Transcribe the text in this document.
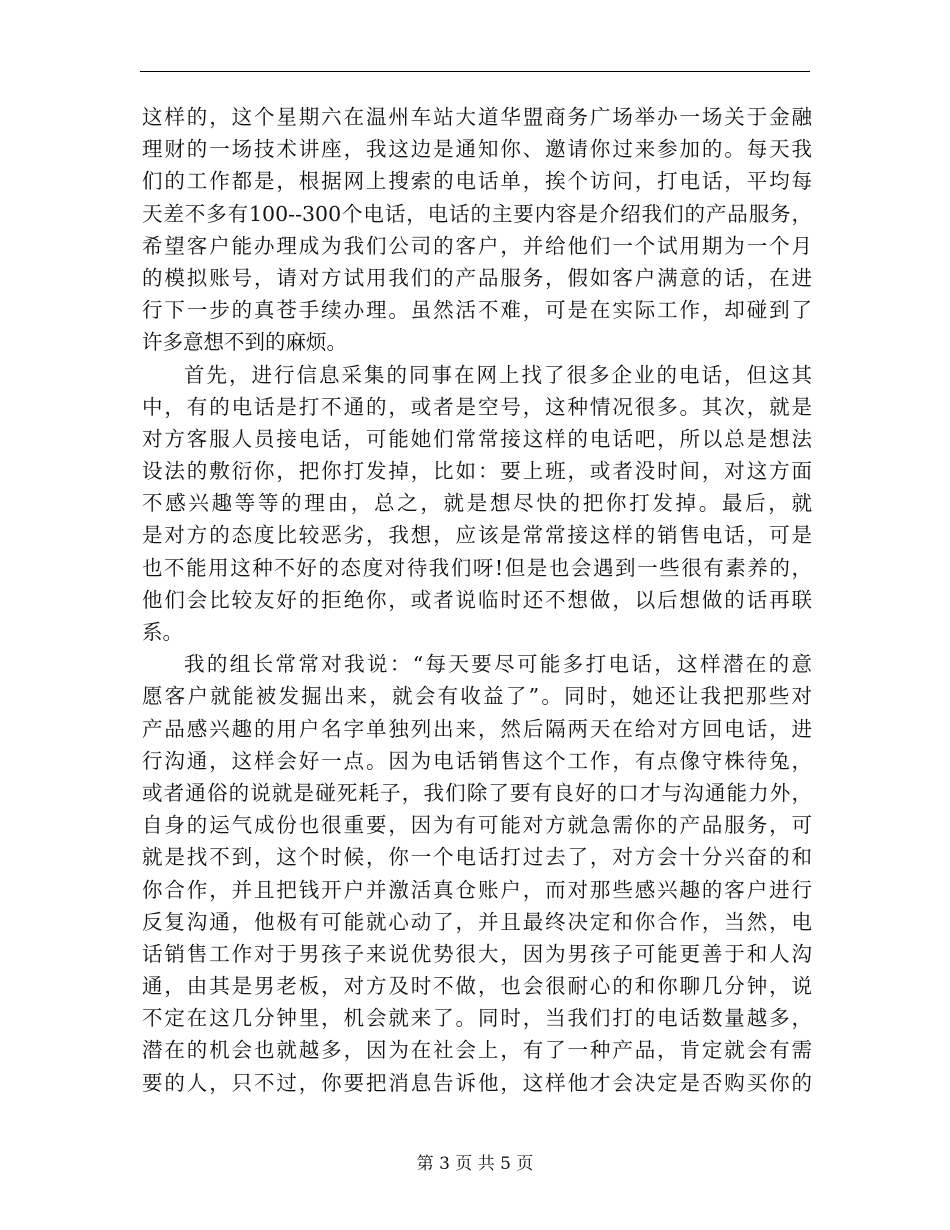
这样的，这个星期六在温州车站大道华盟商务广场举办一场关于金融
理财的一场技术讲座，我这边是通知你、邀请你过来参加的。每天我
们的工作都是，根据网上搜索的电话单，挨个访问，打电话，平均每
天差不多有100--300个电话，电话的主要内容是介绍我们的产品服务，
希望客户能办理成为我们公司的客户，并给他们一个试用期为一个月
的模拟账号，请对方试用我们的产品服务，假如客户满意的话，在进
行下一步的真苍手续办理。虽然活不难，可是在实际工作，却碰到了
许多意想不到的麻烦。
首先，进行信息采集的同事在网上找了很多企业的电话，但这其
中，有的电话是打不通的，或者是空号，这种情况很多。其次，就是
对方客服人员接电话，可能她们常常接这样的电话吧，所以总是想法
设法的敷衍你，把你打发掉，比如：要上班，或者没时间，对这方面
不感兴趣等等的理由，总之，就是想尽快的把你打发掉。最后，就
是对方的态度比较恶劣，我想，应该是常常接这样的销售电话，可是
也不能用这种不好的态度对待我们呀!但是也会遇到一些很有素养的，
他们会比较友好的拒绝你，或者说临时还不想做，以后想做的话再联
系。
我的组长常常对我说：“每天要尽可能多打电话，这样潜在的意
愿客户就能被发掘出来，就会有收益了”。同时，她还让我把那些对
产品感兴趣的用户名字单独列出来，然后隔两天在给对方回电话，进
行沟通，这样会好一点。因为电话销售这个工作，有点像守株待兔，
或者通俗的说就是碰死耗子，我们除了要有良好的口才与沟通能力外，
自身的运气成份也很重要，因为有可能对方就急需你的产品服务，可
就是找不到，这个时候，你一个电话打过去了，对方会十分兴奋的和
你合作，并且把钱开户并激活真仓账户，而对那些感兴趣的客户进行
反复沟通，他极有可能就心动了，并且最终决定和你合作，当然，电
话销售工作对于男孩子来说优势很大，因为男孩子可能更善于和人沟
通，由其是男老板，对方及时不做，也会很耐心的和你聊几分钟，说
不定在这几分钟里，机会就来了。同时，当我们打的电话数量越多，
潜在的机会也就越多，因为在社会上，有了一种产品，肯定就会有需
要的人，只不过，你要把消息告诉他，这样他才会决定是否购买你的
第 3 页 共 5 页
